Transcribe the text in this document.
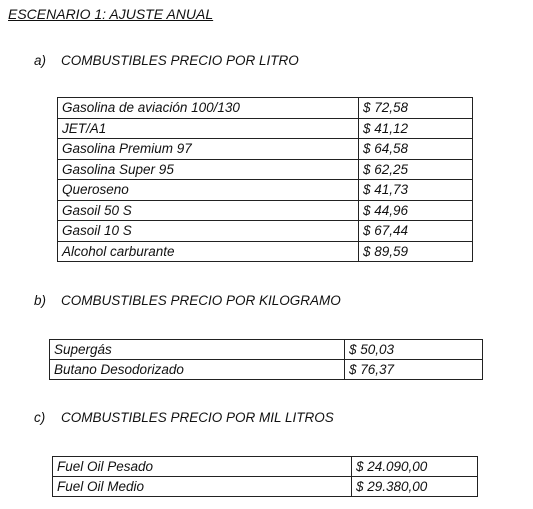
ESCENARIO 1: AJUSTE ANUAL
a) COMBUSTIBLES PRECIO POR LITRO
Gasolina de aviación 100/130	$ 72,58
JET/A1	$ 41,12
Gasolina Premium 97	$ 64,58
Gasolina Super 95	$ 62,25
Queroseno	$ 41,73
Gasoil 50 S	$ 44,96
Gasoil 10 S	$ 67,44
Alcohol carburante	$ 89,59
b) COMBUSTIBLES PRECIO POR KILOGRAMO
Supergás	$ 50,03
Butano Desodorizado	$ 76,37
c) COMBUSTIBLES PRECIO POR MIL LITROS
Fuel Oil Pesado	$ 24.090,00
Fuel Oil Medio	$ 29.380,00
